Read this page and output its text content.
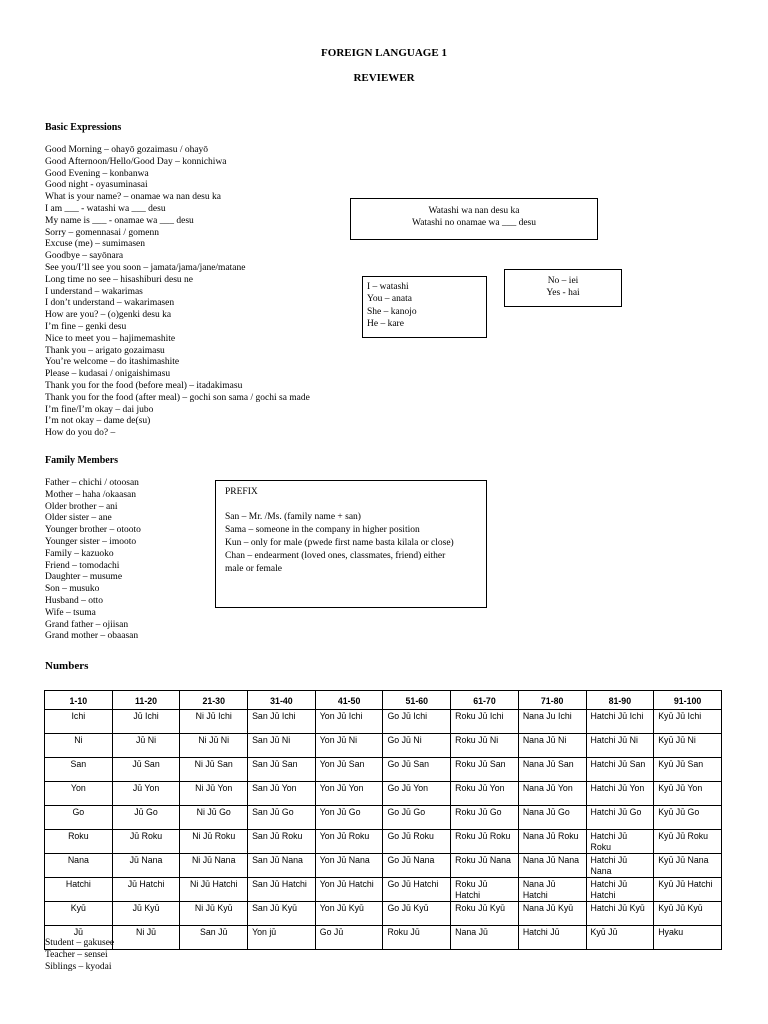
FOREIGN LANGUAGE 1
REVIEWER
Basic Expressions
Good Morning – ohayō gozaimasu / ohayō
Good Afternoon/Hello/Good Day – konnichiwa
Good Evening – konbanwa
Good night - oyasuminasai
What is your name? – onamae wa nan desu ka
I am ___ - watashi wa ___ desu
My name is ___ - onamae wa ___ desu
Sorry – gomennasai / gomenn
Excuse (me) – sumimasen
Goodbye – sayōnara
See you/I’ll see you soon – jamata/jama/jane/matane
Long time no see – hisashiburi desu ne
I understand – wakarimas
I don’t understand – wakarimasen
How are you? – (o)genki desu ka
I’m fine – genki desu
Nice to meet you – hajimemashite
Thank you – arigato gozaimasu
You’re welcome – do itashimashite
Please – kudasai / onigaishimasu
Thank you for the food (before meal) – itadakimasu
Thank you for the food (after meal) – gochi son sama / gochi sa made
I’m fine/I’m okay – dai jubo
I’m not okay – dame de(su)
How do you do? –
Watashi wa nan desu ka
Watashi no onamae wa ___ desu
I – watashi
You – anata
She – kanojo
He – kare
No – iei
Yes - hai
Family Members
Father – chichi / otoosan
Mother – haha /okaasan
Older brother – ani
Older sister – ane
Younger brother – otooto
Younger sister – imooto
Family – kazuoko
Friend – tomodachi
Daughter – musume
Son – musuko
Husband – otto
Wife – tsuma
Grand father – ojiisan
Grand mother – obaasan
PREFIX
San – Mr. /Ms. (family name + san)
Sama – someone in the company in higher position
Kun – only for male (pwede first name basta kilala or close)
Chan – endearment (loved ones, classmates, friend) either
male or female
Numbers
1-10	11-20	21-30	31-40	41-50	51-60	61-70	71-80	81-90	91-100
Ichi	Jū Ichi	Ni Jū Ichi	San Jū Ichi	Yon Jū Ichi	Go Jū Ichi	Roku Jū Ichi	Nana Ju Ichi	Hatchi Jū Ichi	Kyū Jū Ichi
Ni	Jū Ni	Ni Jū Ni	San Jū Ni	Yon Jū Ni	Go Jū Ni	Roku Jū Ni	Nana Jū Ni	Hatchi Jū Ni	Kyū Jū Ni
San	Jū San	Ni Jū San	San Jū San	Yon Jū San	Go Jū San	Roku Jū San	Nana Jū San	Hatchi Jū San	Kyū Jū San
Yon	Jū Yon	Ni Jū Yon	San Jū Yon	Yon Jū Yon	Go Jū Yon	Roku Jū Yon	Nana Jū Yon	Hatchi Jū Yon	Kyū Jū Yon
Go	Jū Go	Ni Jū Go	San Jū Go	Yon Jū Go	Go Jū Go	Roku Jū Go	Nana Jū Go	Hatchi Jū Go	Kyū Jū Go
Roku	Jū Roku	Ni Jū Roku	San Jū Roku	Yon Jū Roku	Go Jū Roku	Roku Jū Roku	Nana Jū Roku	Hatchi Jū Roku	Kyū Jū Roku
Nana	Jū Nana	Ni Jū Nana	San Jū Nana	Yon Jū Nana	Go Jū Nana	Roku Jū Nana	Nana Jū Nana	Hatchi Jū Nana	Kyū Jū Nana
Hatchi	Jū Hatchi	Ni Jū Hatchi	San Jū Hatchi	Yon Jū Hatchi	Go Jū Hatchi	Roku Jū Hatchi	Nana Jū Hatchi	Hatchi Jū Hatchi	Kyū Jū Hatchi
Kyū	Jū Kyū	Ni Jū Kyū	San Jū Kyū	Yon Jū Kyū	Go Jū Kyū	Roku Jū Kyū	Nana Jū Kyū	Hatchi Jū Kyū	Kyū Jū Kyū
Jū	Ni Jū	San Jū	Yon jū	Go Jū	Roku Jū	Nana Jū	Hatchi Jū	Kyū Jū	Hyaku
Student – gakusee
Teacher – sensei
Siblings – kyodai
